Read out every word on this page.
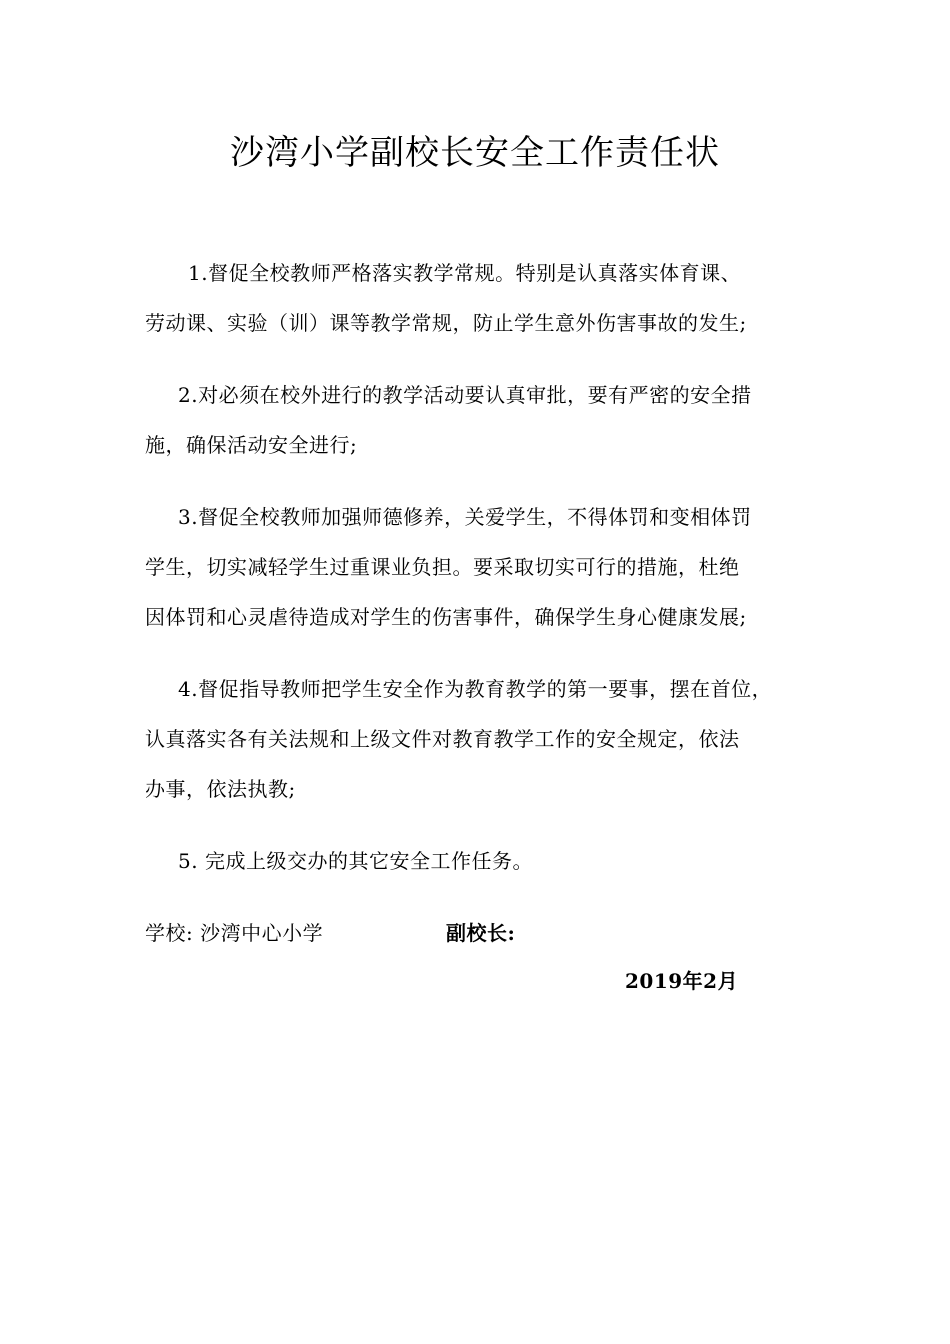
沙湾小学副校长安全工作责任状
1.督促全校教师严格落实教学常规。特别是认真落实体育课、
劳动课、实验（训）课等教学常规，防止学生意外伤害事故的发生;
2.对必须在校外进行的教学活动要认真审批，要有严密的安全措
施，确保活动安全进行;
3.督促全校教师加强师德修养，关爱学生，不得体罚和变相体罚
学生，切实减轻学生过重课业负担。要采取切实可行的措施，杜绝
因体罚和心灵虐待造成对学生的伤害事件，确保学生身心健康发展;
4.督促指导教师把学生安全作为教育教学的第一要事，摆在首位，
认真落实各有关法规和上级文件对教育教学工作的安全规定，依法
办事，依法执教;
5. 完成上级交办的其它安全工作任务。
学校: 沙湾中心小学	副校长:
2019年2月
